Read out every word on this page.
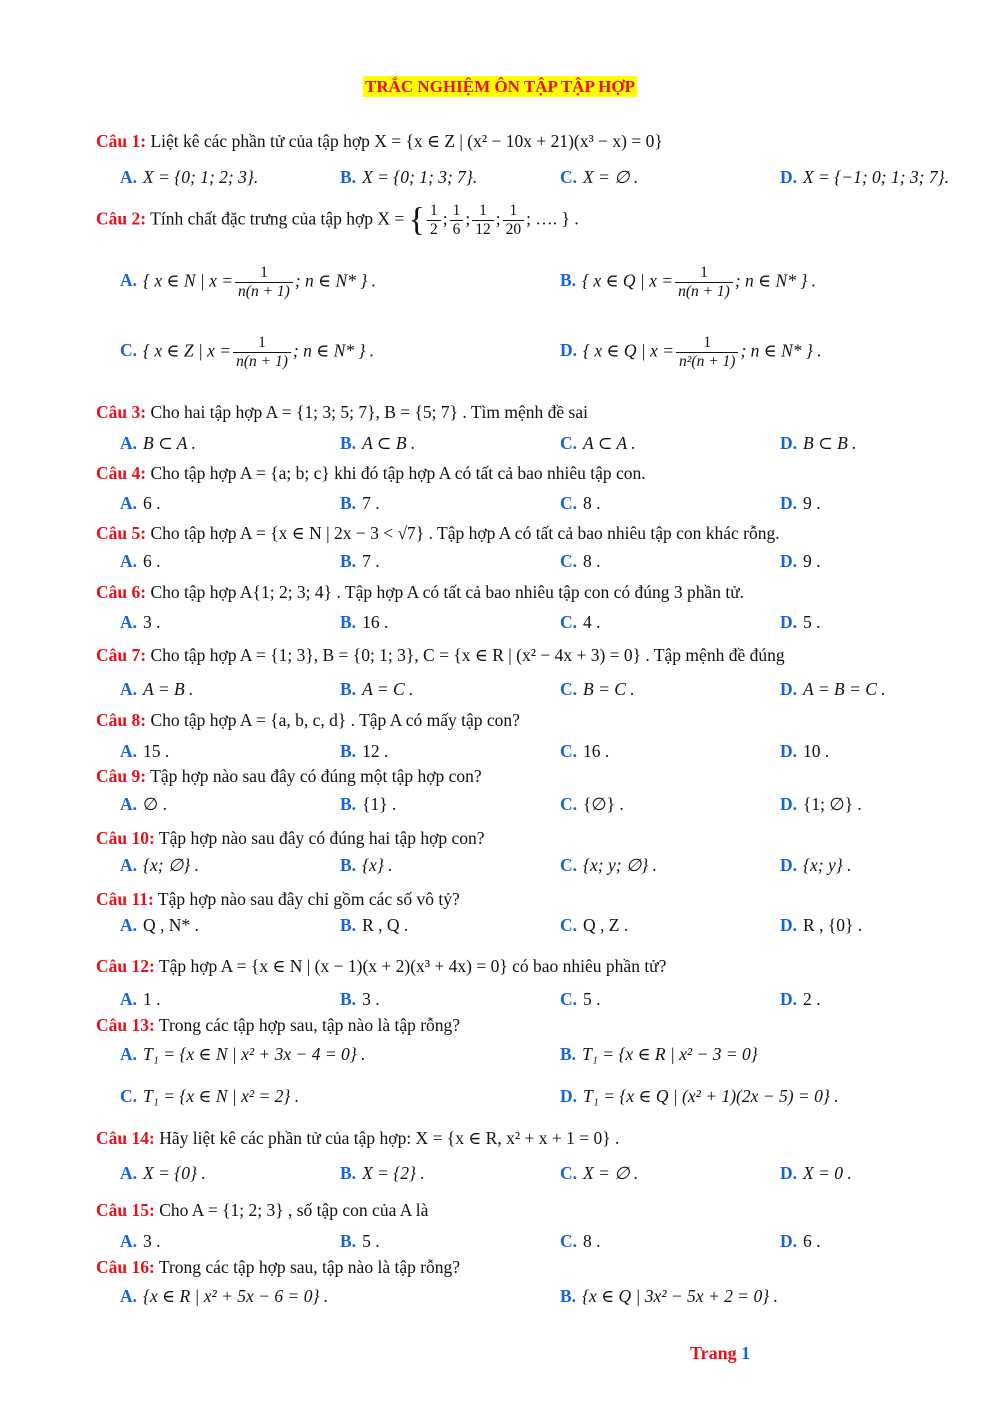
TRẮC NGHIỆM ÔN TẬP TẬP HỢP
Câu 1: Liệt kê các phần tử của tập hợp X = {x ∈ Z | (x² − 10x + 21)(x³ − x) = 0}
A. X = {0; 1; 2; 3}.	B. X = {0; 1; 3; 7}.	C. X = ∅ .	D. X = {−1; 0; 1; 3; 7}.
Câu 2: Tính chất đặc trưng của tập hợp X = { $\frac{1}{2}$ ; $\frac{1}{6}$ ; $\frac{1}{12}$ ; $\frac{1}{20}$ ; …. } .
A. { x ∈ N | $x = \frac{1}{n(n + 1)}$ ; n ∈ N* } .	B. { x ∈ Q | $x = \frac{1}{n(n + 1)}$ ; n ∈ N* } .
C. { x ∈ Z | $x = \frac{1}{n(n + 1)}$ ; n ∈ N* } .	D. { x ∈ Q | $x = \frac{1}{\text{n²(n + 1)}}$ ; n ∈ N* } .
Câu 3: Cho hai tập hợp A = {1; 3; 5; 7}, B = {5; 7} . Tìm mệnh đề sai
A. B ⊂ A .	B. A ⊂ B .	C. A ⊂ A .	D. B ⊂ B .
Câu 4: Cho tập hợp A = {a; b; c} khi đó tập hợp A có tất cả bao nhiêu tập con.
A. 6 .	B. 7 .	C. 8 .	D. 9 .
Câu 5: Cho tập hợp A = {x ∈ N | 2x − 3 < √7} . Tập hợp A có tất cả bao nhiêu tập con khác rỗng.
A. 6 .	B. 7 .	C. 8 .	D. 9 .
Câu 6: Cho tập hợp A{1; 2; 3; 4} . Tập hợp A có tất cả bao nhiêu tập con có đúng 3 phần tử.
A. 3 .	B. 16 .	C. 4 .	D. 5 .
Câu 7: Cho tập hợp A = {1; 3}, B = {0; 1; 3}, C = {x ∈ R | (x² − 4x + 3) = 0} . Tập mệnh đề đúng
A. A = B .	B. A = C .	C. B = C .	D. A = B = C .
Câu 8: Cho tập hợp A = {a, b, c, d} . Tập A có mấy tập con?
A. 15 .	B. 12 .	C. 16 .	D. 10 .
Câu 9: Tập hợp nào sau đây có đúng một tập hợp con?
A. ∅ .	B. {1} .	C. {∅} .	D. {1; ∅} .
Câu 10: Tập hợp nào sau đây có đúng hai tập hợp con?
A. {x; ∅} .	B. {x} .	C. {x; y; ∅} .	D. {x; y} .
Câu 11: Tập hợp nào sau đây chỉ gồm các số vô tỷ?
A. Q , N* .	B. R , Q .	C. Q , Z .	D. R , {0} .
Câu 12: Tập hợp A = {x ∈ N | (x − 1)(x + 2)(x³ + 4x) = 0} có bao nhiêu phần tử?
A. 1 .	B. 3 .	C. 5 .	D. 2 .
Câu 13: Trong các tập hợp sau, tập nào là tập rỗng?
A. T₁ = {x ∈ N | x² + 3x − 4 = 0} .	B. T₁ = {x ∈ R | x² − 3 = 0}
C. T₁ = {x ∈ N | x² = 2} .	D. T₁ = {x ∈ Q | (x² + 1)(2x − 5) = 0} .
Câu 14: Hãy liệt kê các phần tử của tập hợp: X = {x ∈ R, x² + x + 1 = 0} .
A. X = {0} .	B. X = {2} .	C. X = ∅ .	D. X = 0 .
Câu 15: Cho A = {1; 2; 3} , số tập con của A là
A. 3 .	B. 5 .	C. 8 .	D. 6 .
Câu 16: Trong các tập hợp sau, tập nào là tập rỗng?
A. {x ∈ R | x² + 5x − 6 = 0} .	B. {x ∈ Q | 3x² − 5x + 2 = 0} .
Trang 1
